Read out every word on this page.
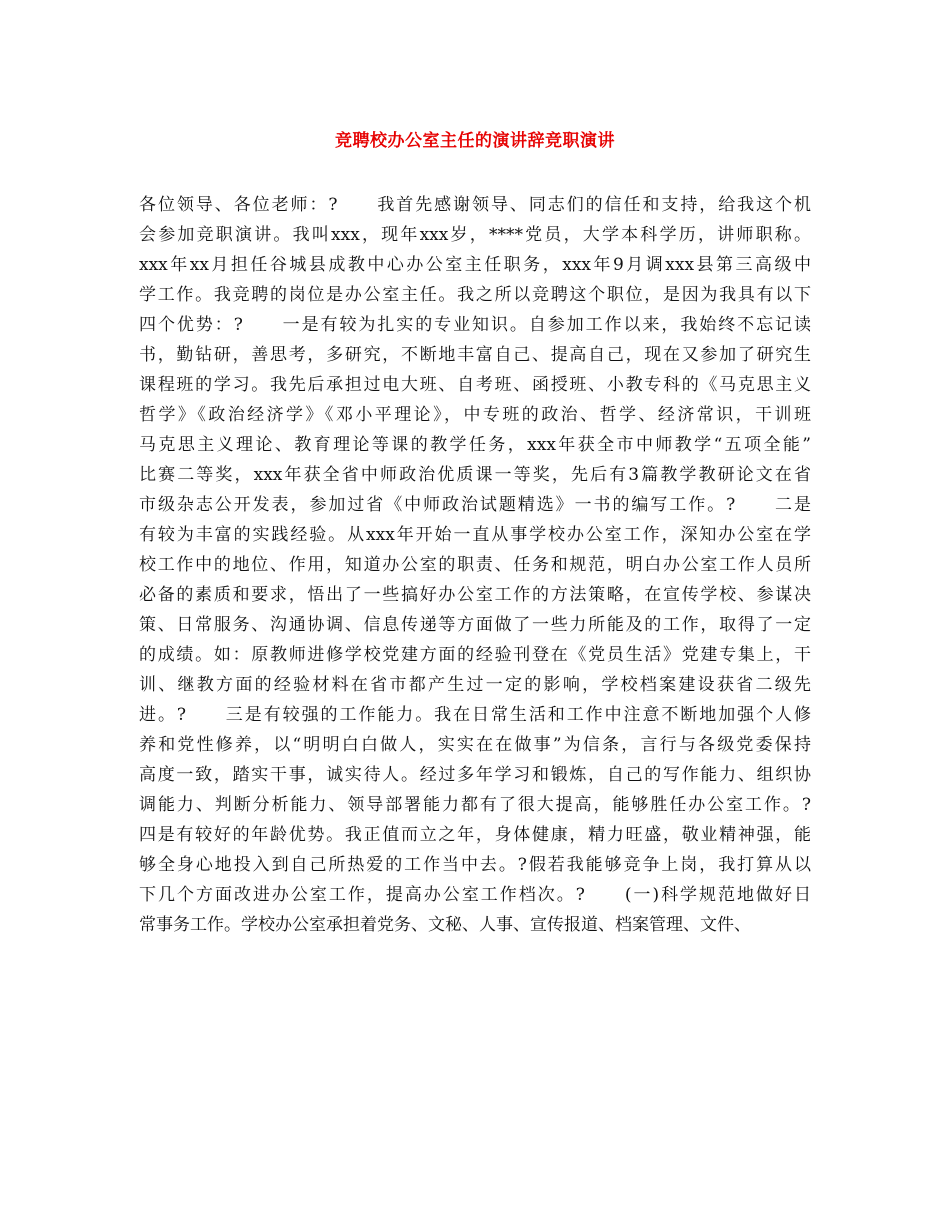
竞聘校办公室主任的演讲辞竞职演讲
各位领导、各位老师：?　　我首先感谢领导、同志们的信任和支持，给我这个机
会参加竞职演讲。我叫xxx，现年xxx岁，****党员，大学本科学历，讲师职称。
xxx年xx月担任谷城县成教中心办公室主任职务，xxx年9月调xxx县第三高级中
学工作。我竞聘的岗位是办公室主任。我之所以竞聘这个职位，是因为我具有以下
四个优势：?　　一是有较为扎实的专业知识。自参加工作以来，我始终不忘记读
书，勤钻研，善思考，多研究，不断地丰富自己、提高自己，现在又参加了研究生
课程班的学习。我先后承担过电大班、自考班、函授班、小教专科的《马克思主义
哲学》《政治经济学》《邓小平理论》，中专班的政治、哲学、经济常识，干训班
马克思主义理论、教育理论等课的教学任务，xxx年获全市中师教学“五项全能”
比赛二等奖，xxx年获全省中师政治优质课一等奖，先后有3篇教学教研论文在省
市级杂志公开发表，参加过省《中师政治试题精选》一书的编写工作。?　　二是
有较为丰富的实践经验。从xxx年开始一直从事学校办公室工作，深知办公室在学
校工作中的地位、作用，知道办公室的职责、任务和规范，明白办公室工作人员所
必备的素质和要求，悟出了一些搞好办公室工作的方法策略，在宣传学校、参谋决
策、日常服务、沟通协调、信息传递等方面做了一些力所能及的工作，取得了一定
的成绩。如：原教师进修学校党建方面的经验刊登在《党员生活》党建专集上，干
训、继教方面的经验材料在省市都产生过一定的影响，学校档案建设获省二级先
进。?　　三是有较强的工作能力。我在日常生活和工作中注意不断地加强个人修
养和党性修养，以“明明白白做人，实实在在做事”为信条，言行与各级党委保持
高度一致，踏实干事，诚实待人。经过多年学习和锻炼，自己的写作能力、组织协
调能力、判断分析能力、领导部署能力都有了很大提高，能够胜任办公室工作。?
四是有较好的年龄优势。我正值而立之年，身体健康，精力旺盛，敬业精神强，能
够全身心地投入到自己所热爱的工作当中去。?假若我能够竞争上岗，我打算从以
下几个方面改进办公室工作，提高办公室工作档次。?　　(一)科学规范地做好日
常事务工作。学校办公室承担着党务、文秘、人事、宣传报道、档案管理、文件、
